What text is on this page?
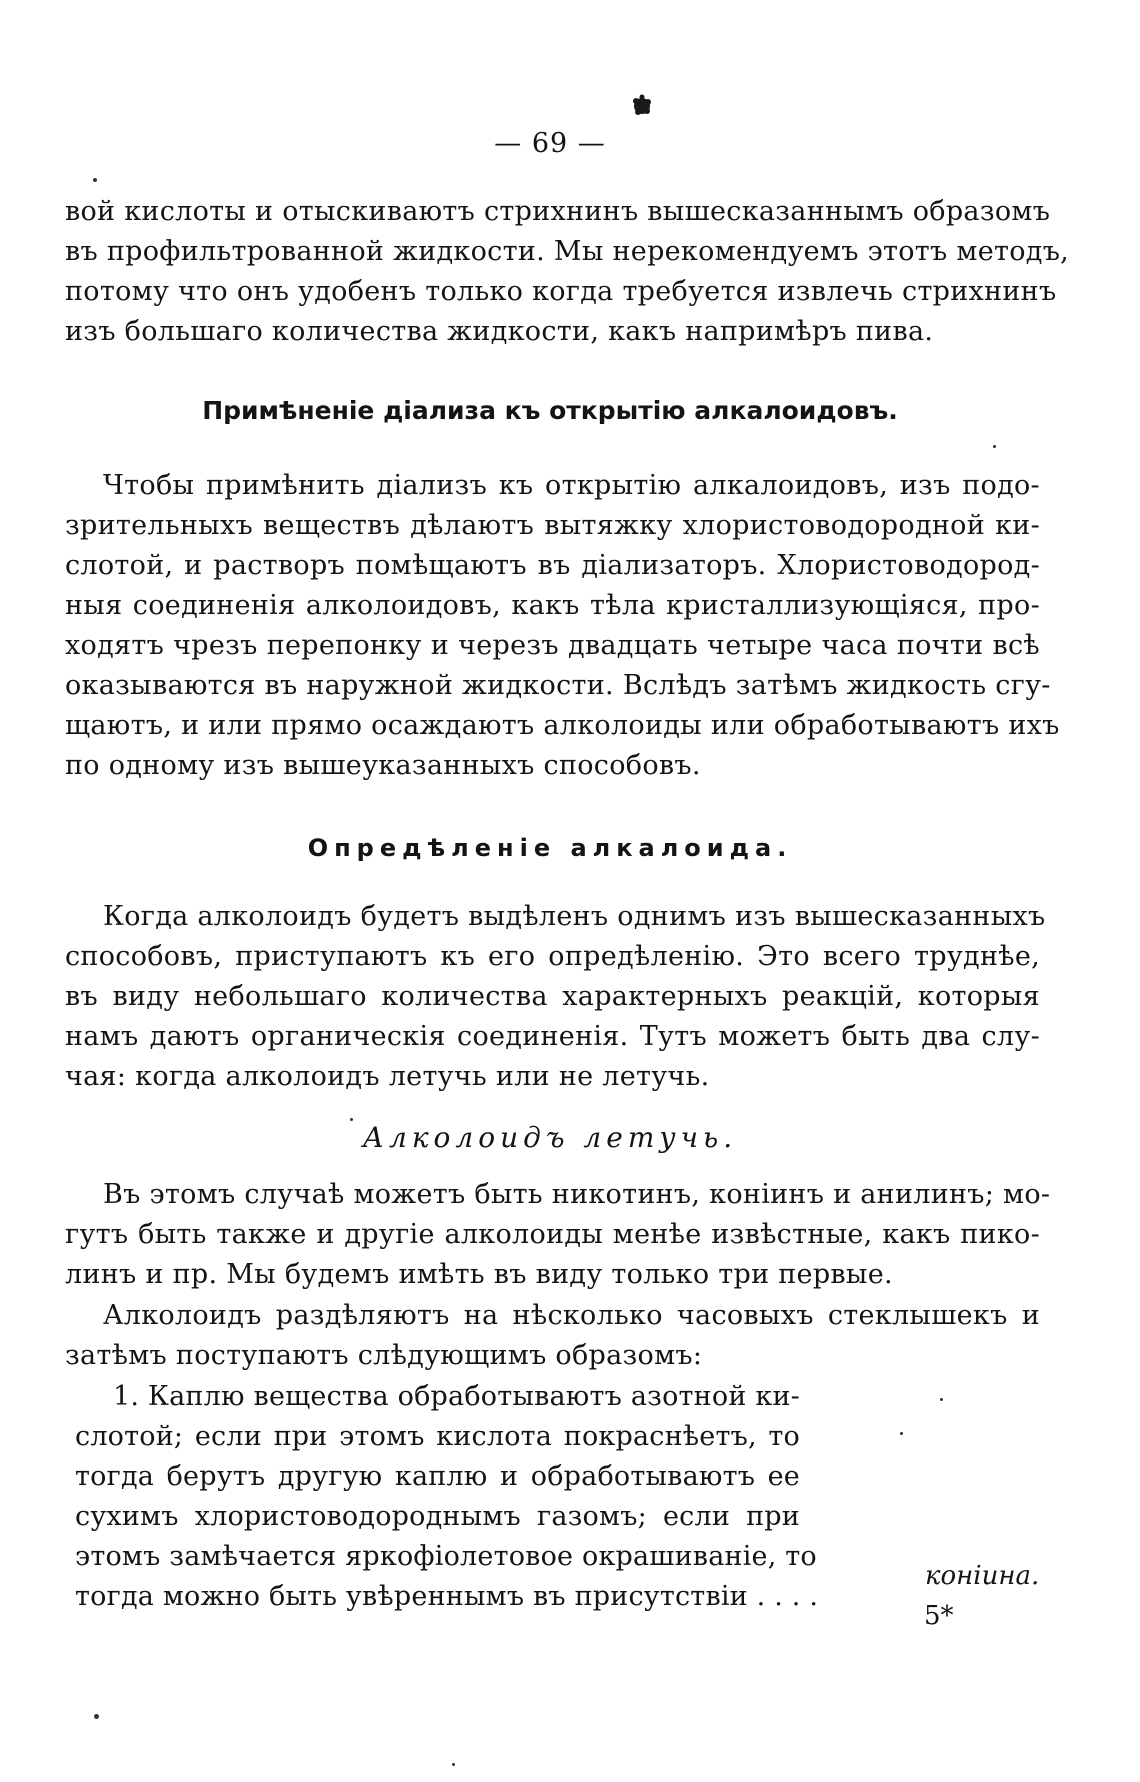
— 69 —
вой кислоты и отыскиваютъ стрихнинъ вышесказаннымъ образомъ
въ профильтрованной жидкости. Мы нерекомендуемъ этотъ методъ,
потому что онъ удобенъ только когда требуется извлечь стрихнинъ
изъ большаго количества жидкости, какъ напримѣръ пива.
Примѣненіе діализа къ открытію алкалоидовъ.
Чтобы примѣнить діализъ къ открытію алкалоидовъ, изъ подо-
зрительныхъ веществъ дѣлаютъ вытяжку хлористоводородной ки-
слотой, и растворъ помѣщаютъ въ діализаторъ. Хлористоводород-
ныя соединенія алколоидовъ, какъ тѣла кристаллизующіяся, про-
ходятъ чрезъ перепонку и черезъ двадцать четыре часа почти всѣ
оказываются въ наружной жидкости. Вслѣдъ затѣмъ жидкость сгу-
щаютъ, и или прямо осаждаютъ алколоиды или обработываютъ ихъ
по одному изъ вышеуказанныхъ способовъ.
Опредѣленіе алкалоида.
Когда алколоидъ будетъ выдѣленъ однимъ изъ вышесказанныхъ
способовъ, приступаютъ къ его опредѣленію. Это всего труднѣе,
въ виду небольшаго количества характерныхъ реакцій, которыя
намъ даютъ органическія соединенія. Тутъ можетъ быть два слу-
чая: когда алколоидъ летучь или не летучь.
Алколоидъ летучь.
Въ этомъ случаѣ можетъ быть никотинъ, коніинъ и анилинъ; мо-
гутъ быть также и другіе алколоиды менѣе извѣстные, какъ пико-
линъ и пр. Мы будемъ имѣть въ виду только три первые.
Алколоидъ раздѣляютъ на нѣсколько часовыхъ стеклышекъ и
затѣмъ поступаютъ слѣдующимъ образомъ:
1. Каплю вещества обработываютъ азотной ки-
слотой; если при этомъ кислота покраснѣетъ, то
тогда берутъ другую каплю и обработываютъ ее
сухимъ хлористоводороднымъ газомъ; если при
этомъ замѣчается яркофіолетовое окрашиваніе, то
тогда можно быть увѣреннымъ въ присутствіи . . . .
коніина.
5*
